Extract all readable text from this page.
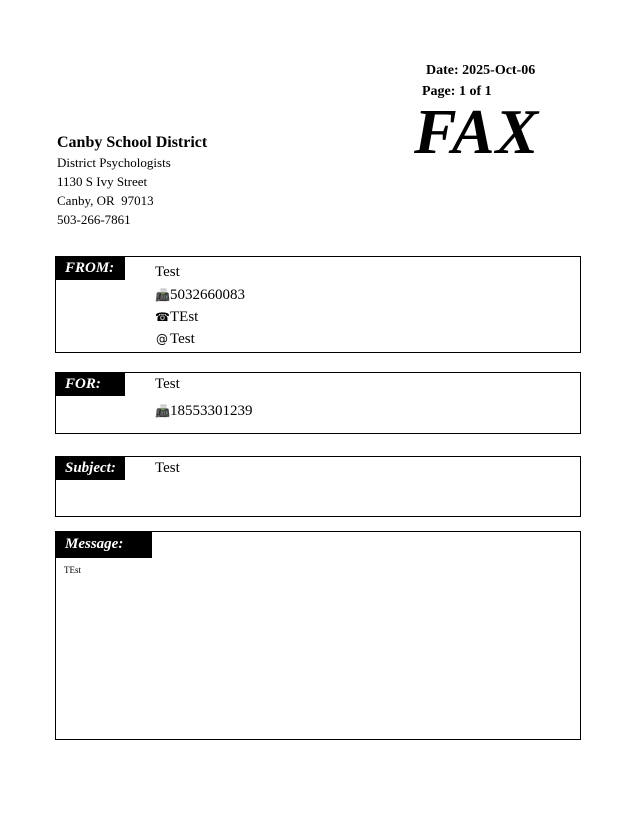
Date: 2025-Oct-06
Page: 1 of 1
FAX
Canby School District
District Psychologists
1130 S Ivy Street
Canby, OR  97013
503-266-7861
FROM:	Test
📠5032660083
☎TEst
@ Test
FOR:	Test
📠18553301239
Subject:	Test
Message:
TEst
